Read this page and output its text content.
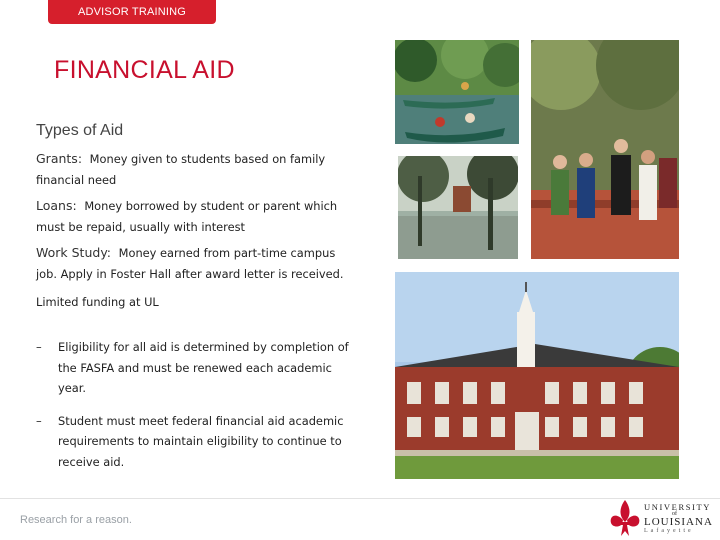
ADVISOR TRAINING
FINANCIAL AID
Types of Aid
Grants: Money given to students based on family financial need
Loans: Money borrowed by student or parent which must be repaid, usually with interest
Work Study: Money earned from part-time campus job. Apply in Foster Hall after award letter is received.
Limited funding at UL
– Eligibility for all aid is determined by completion of the FASFA and must be renewed each academic year.
– Student must meet federal financial aid academic requirements to maintain eligibility to continue to receive aid.
Research for a reason.
UNIVERSITY
of
LOUISIANA
Lafayette
